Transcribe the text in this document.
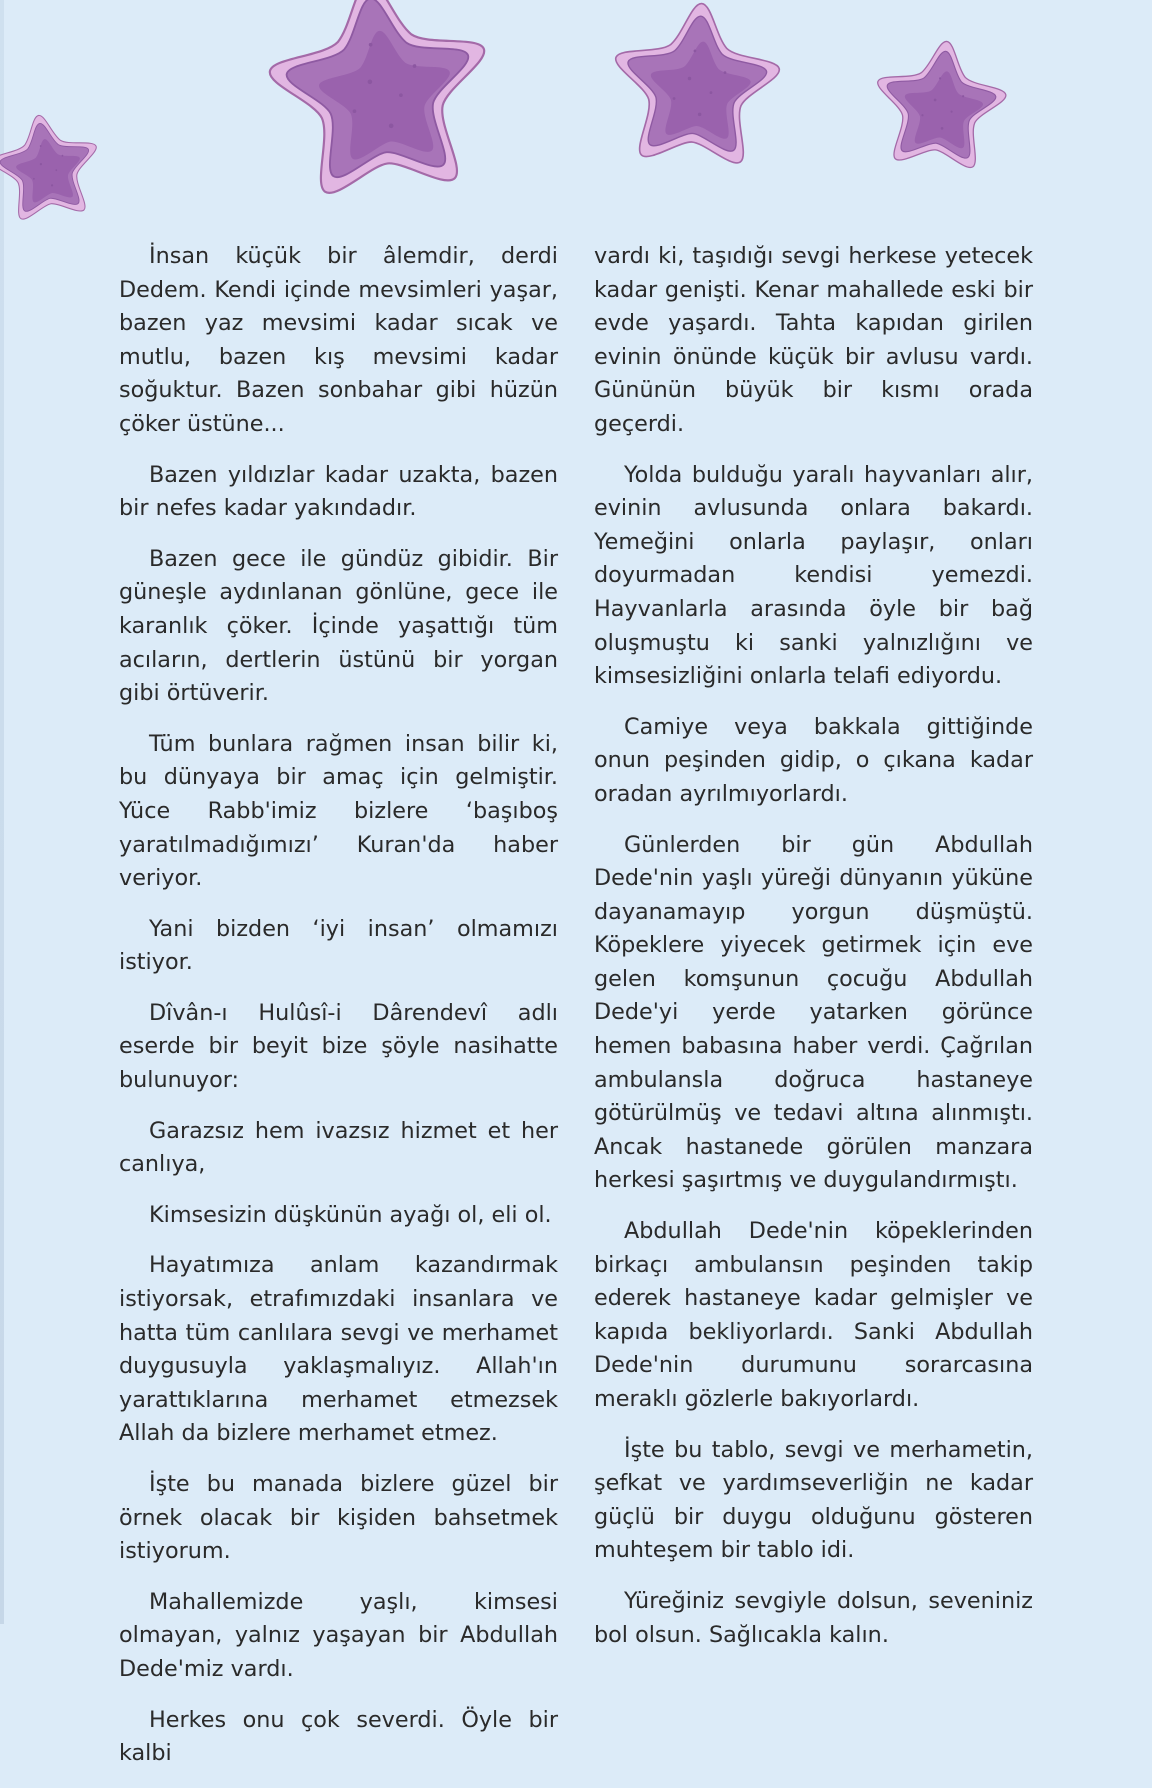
İnsan küçük bir âlemdir, derdi Dedem. Kendi içinde mevsimleri yaşar, bazen yaz mevsimi kadar sıcak ve mutlu, bazen kış mevsimi kadar soğuktur. Bazen sonbahar gibi hüzün çöker üstüne...

Bazen yıldızlar kadar uzakta, bazen bir nefes kadar yakındadır.

Bazen gece ile gündüz gibidir. Bir güneşle aydınlanan gönlüne, gece ile karanlık çöker. İçinde yaşattığı tüm acıların, dertlerin üstünü bir yorgan gibi örtüverir.

Tüm bunlara rağmen insan bilir ki, bu dünyaya bir amaç için gelmiştir. Yüce Rabb'imiz bizlere ‘başıboş yaratılmadığımızı’ Kuran'da haber veriyor.

Yani bizden ‘iyi insan’ olmamızı istiyor.

Dîvân-ı Hulûsî-i Dârendevî adlı eserde bir beyit bize şöyle nasihatte bulunuyor:

Garazsız hem ivazsız hizmet et her canlıya,

Kimsesizin düşkünün ayağı ol, eli ol.

Hayatımıza anlam kazandırmak istiyorsak, etrafımızdaki insanlara ve hatta tüm canlılara sevgi ve merhamet duygusuyla yaklaşmalıyız. Allah'ın yarattıklarına merhamet etmezsek Allah da bizlere merhamet etmez.

İşte bu manada bizlere güzel bir örnek olacak bir kişiden bahsetmek istiyorum.

Mahallemizde yaşlı, kimsesi olmayan, yalnız yaşayan bir Abdullah Dede'miz vardı.

Herkes onu çok severdi. Öyle bir kalbi

vardı ki, taşıdığı sevgi herkese yetecek kadar genişti. Kenar mahallede eski bir evde yaşardı. Tahta kapıdan girilen evinin önünde küçük bir avlusu vardı. Gününün büyük bir kısmı orada geçerdi.

Yolda bulduğu yaralı hayvanları alır, evinin avlusunda onlara bakardı. Yemeğini onlarla paylaşır, onları doyurmadan kendisi yemezdi. Hayvanlarla arasında öyle bir bağ oluşmuştu ki sanki yalnızlığını ve kimsesizliğini onlarla telafi ediyordu.

Camiye veya bakkala gittiğinde onun peşinden gidip, o çıkana kadar oradan ayrılmıyorlardı.

Günlerden bir gün Abdullah Dede'nin yaşlı yüreği dünyanın yüküne dayanamayıp yorgun düşmüştü. Köpeklere yiyecek getirmek için eve gelen komşunun çocuğu Abdullah Dede'yi yerde yatarken görünce hemen babasına haber verdi. Çağrılan ambulansla doğruca hastaneye götürülmüş ve tedavi altına alınmıştı. Ancak hastanede görülen manzara herkesi şaşırtmış ve duygulandırmıştı.

Abdullah Dede'nin köpeklerinden birkaçı ambulansın peşinden takip ederek hastaneye kadar gelmişler ve kapıda bekliyorlardı. Sanki Abdullah Dede'nin durumunu sorarcasına meraklı gözlerle bakıyorlardı.

İşte bu tablo, sevgi ve merhametin, şefkat ve yardımseverliğin ne kadar güçlü bir duygu olduğunu gösteren muhteşem bir tablo idi.

Yüreğiniz sevgiyle dolsun, seveniniz bol olsun. Sağlıcakla kalın.
